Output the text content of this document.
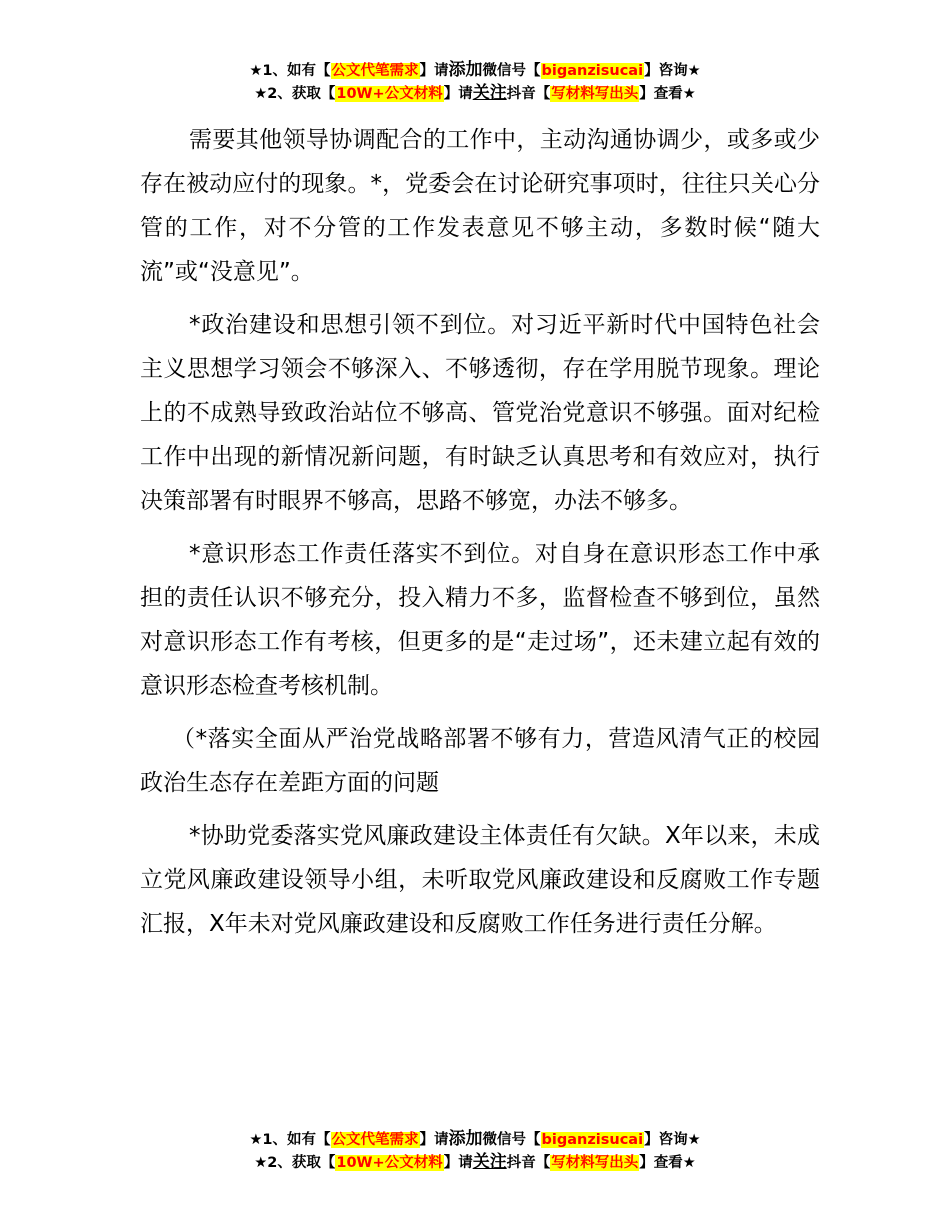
★1、如有【公文代笔需求】请添加微信号【biganzisucai】咨询★
★2、获取【10W+公文材料】请关注抖音【写材料写出头】查看★

需要其他领导协调配合的工作中，主动沟通协调少，或多或少存在被动应付的现象。*，党委会在讨论研究事项时，往往只关心分管的工作，对不分管的工作发表意见不够主动，多数时候“随大流”或“没意见”。

*政治建设和思想引领不到位。对习近平新时代中国特色社会主义思想学习领会不够深入、不够透彻，存在学用脱节现象。理论上的不成熟导致政治站位不够高、管党治党意识不够强。面对纪检工作中出现的新情况新问题，有时缺乏认真思考和有效应对，执行决策部署有时眼界不够高，思路不够宽，办法不够多。

*意识形态工作责任落实不到位。对自身在意识形态工作中承担的责任认识不够充分，投入精力不多，监督检查不够到位，虽然对意识形态工作有考核，但更多的是“走过场”，还未建立起有效的意识形态检查考核机制。

（*落实全面从严治党战略部署不够有力，营造风清气正的校园政治生态存在差距方面的问题

*协助党委落实党风廉政建设主体责任有欠缺。X年以来，未成立党风廉政建设领导小组，未听取党风廉政建设和反腐败工作专题汇报，X年未对党风廉政建设和反腐败工作任务进行责任分解。

★1、如有【公文代笔需求】请添加微信号【biganzisucai】咨询★
★2、获取【10W+公文材料】请关注抖音【写材料写出头】查看★
